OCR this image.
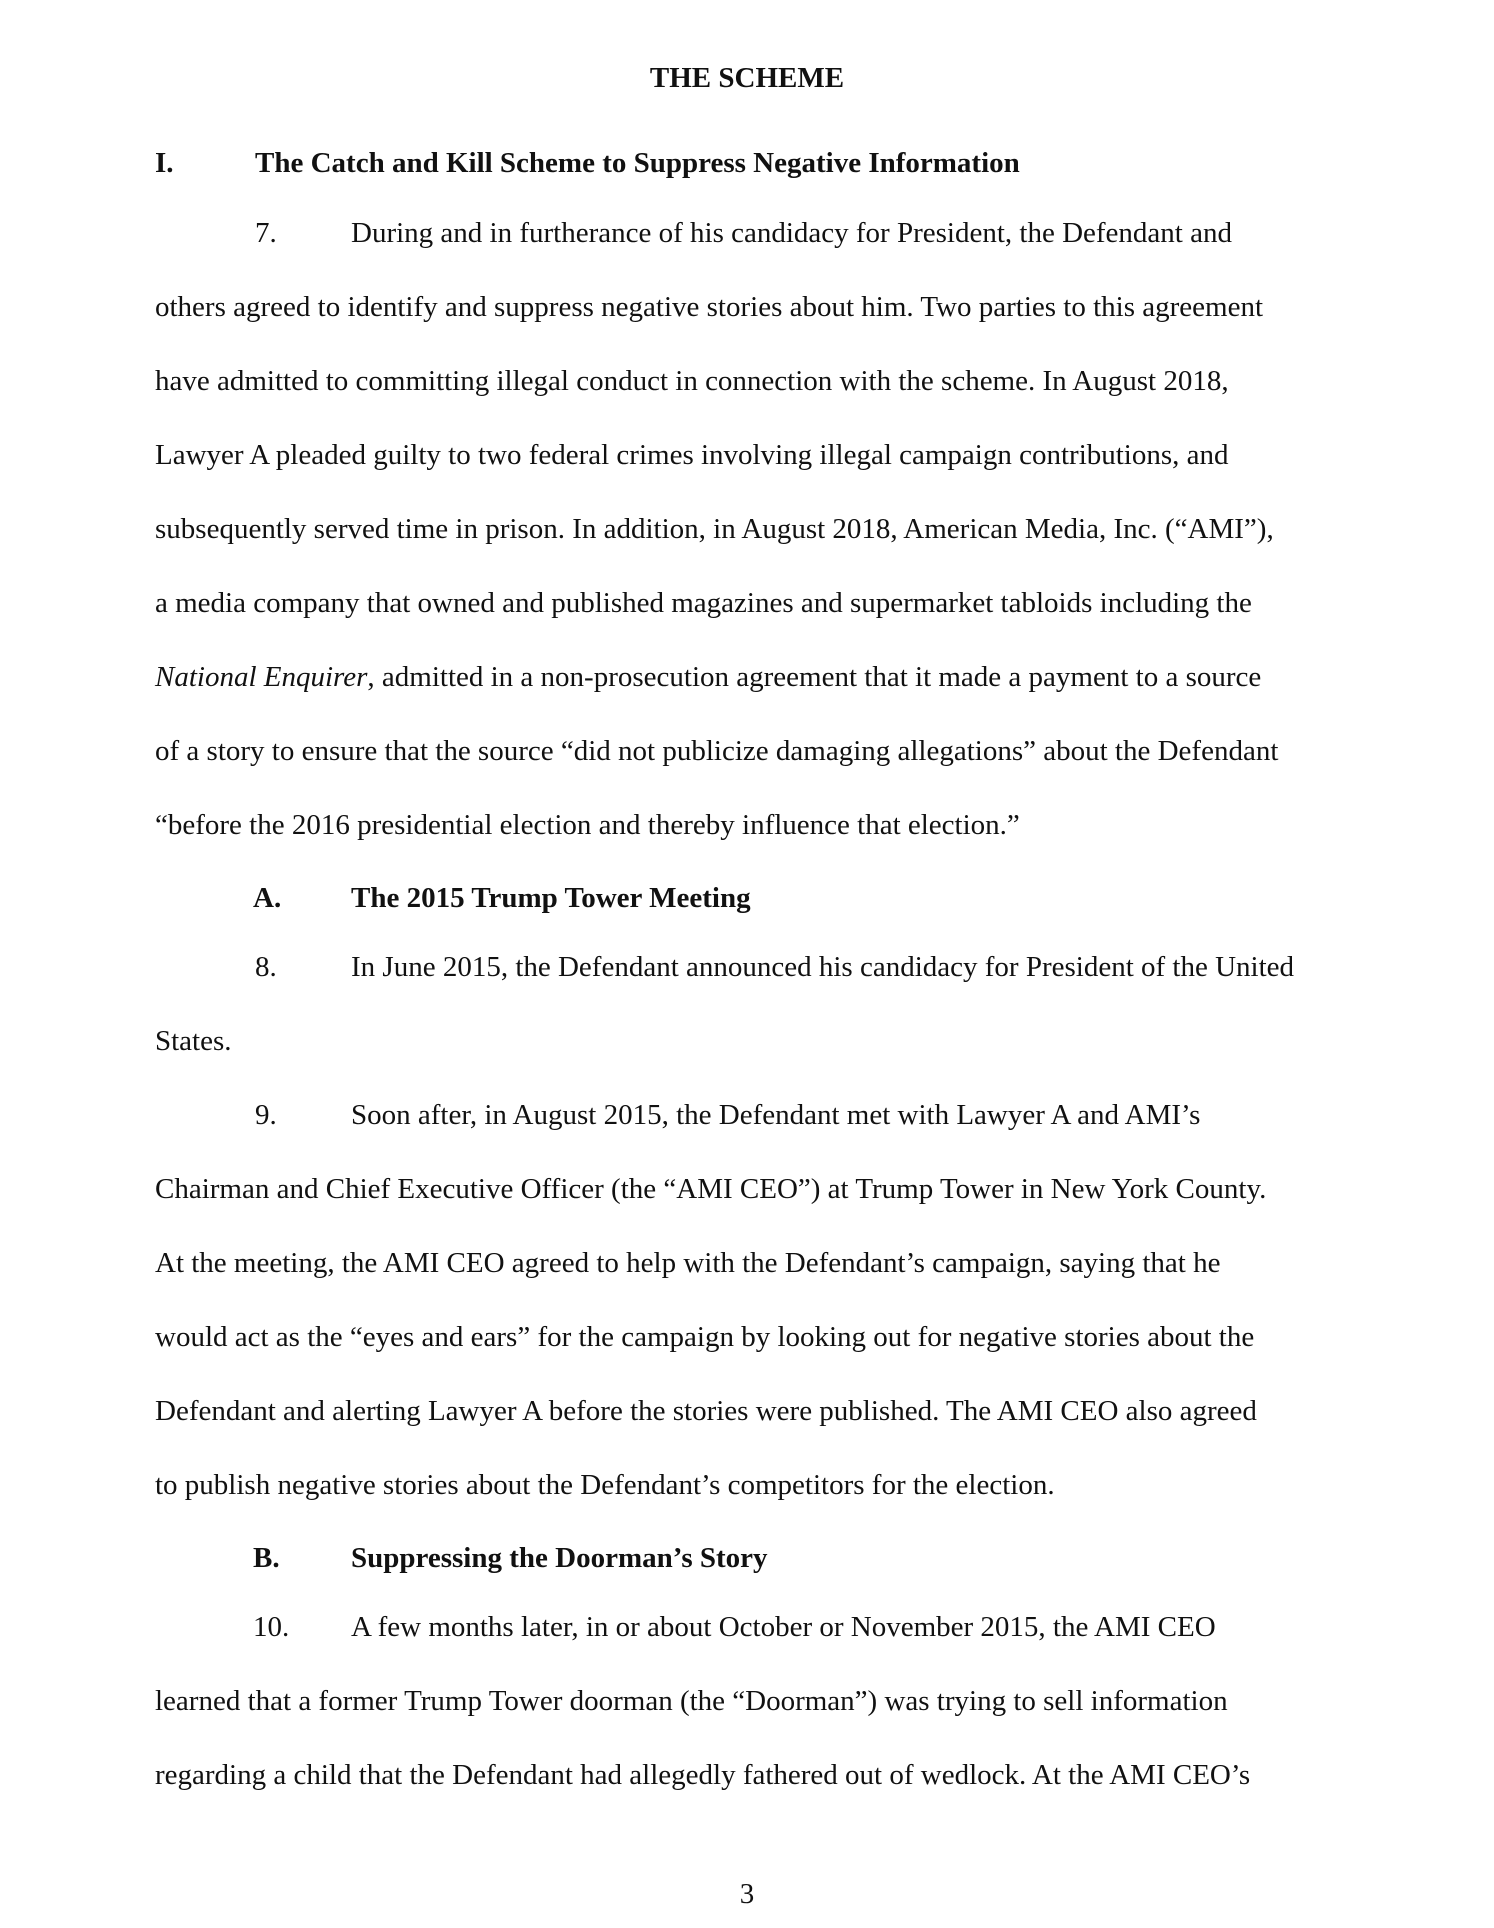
THE SCHEME
I.	The Catch and Kill Scheme to Suppress Negative Information
7.	During and in furtherance of his candidacy for President, the Defendant and
others agreed to identify and suppress negative stories about him. Two parties to this agreement
have admitted to committing illegal conduct in connection with the scheme. In August 2018,
Lawyer A pleaded guilty to two federal crimes involving illegal campaign contributions, and
subsequently served time in prison. In addition, in August 2018, American Media, Inc. (“AMI”),
a media company that owned and published magazines and supermarket tabloids including the
National Enquirer, admitted in a non-prosecution agreement that it made a payment to a source
of a story to ensure that the source “did not publicize damaging allegations” about the Defendant
“before the 2016 presidential election and thereby influence that election.”
A. The 2015 Trump Tower Meeting
8.	In June 2015, the Defendant announced his candidacy for President of the United
States.
9.	Soon after, in August 2015, the Defendant met with Lawyer A and AMI’s
Chairman and Chief Executive Officer (the “AMI CEO”) at Trump Tower in New York County.
At the meeting, the AMI CEO agreed to help with the Defendant’s campaign, saying that he
would act as the “eyes and ears” for the campaign by looking out for negative stories about the
Defendant and alerting Lawyer A before the stories were published. The AMI CEO also agreed
to publish negative stories about the Defendant’s competitors for the election.
B. Suppressing the Doorman’s Story
10. A few months later, in or about October or November 2015, the AMI CEO
learned that a former Trump Tower doorman (the “Doorman”) was trying to sell information
regarding a child that the Defendant had allegedly fathered out of wedlock. At the AMI CEO’s
3
